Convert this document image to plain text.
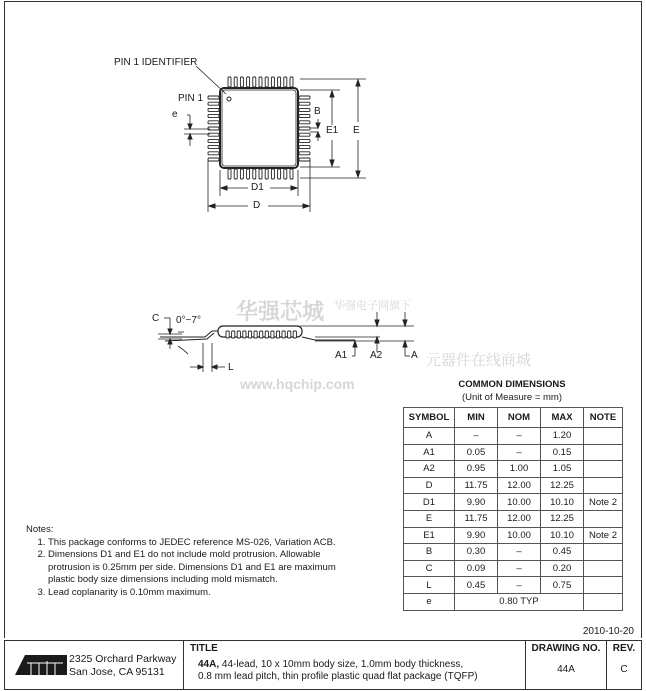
华强芯城
www.hqchip.com
华强电子网旗下
元器件在线商城
PIN 1 IDENTIFIER
PIN 1
e	B
E1 E
D1
D
C 0°~7°
L
A1 A2	A
COMMON DIMENSIONS
(Unit of Measure = mm)
SYMBOL	MIN	NOM	MAX	NOTE
A	–	–	1.20	
A1	0.05	–	0.15	
A2	0.95	1.00	1.05	
D	11.75	12.00	12.25	
D1	9.90	10.00	10.10	Note 2
E	11.75	12.00	12.25	
E1	9.90	10.00	10.10	Note 2
B	0.30	–	0.45	
C	0.09	–	0.20	
L	0.45	–	0.75	
e	0.80 TYP			
Notes:
1. This package conforms to JEDEC reference MS-026, Variation ACB.
2. Dimensions D1 and E1 do not include mold protrusion. Allowable protrusion is 0.25mm per side. Dimensions D1 and E1 are maximum plastic body size dimensions including mold mismatch.
3. Lead coplanarity is 0.10mm maximum.
2010-10-20
2325 Orchard Parkway
San Jose, CA 95131
TITLE
44A, 44-lead, 10 x 10mm body size, 1.0mm body thickness,
0.8 mm lead pitch, thin profile plastic quad flat package (TQFP)
DRAWING NO.
44A
REV.
C
